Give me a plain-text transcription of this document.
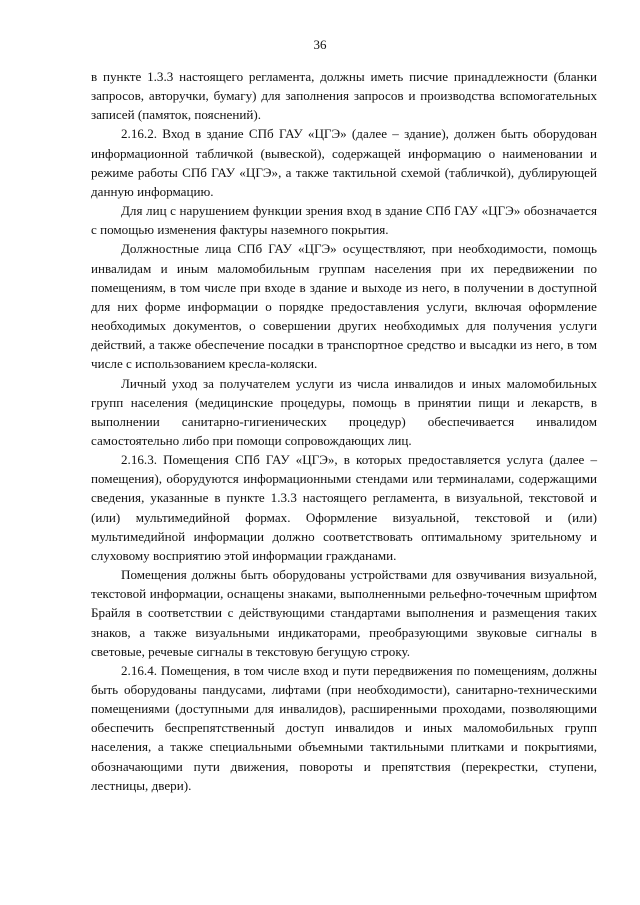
36

в пункте 1.3.3 настоящего регламента, должны иметь писчие принадлежности (бланки запросов, авторучки, бумагу) для заполнения запросов и производства вспомогательных записей (памяток, пояснений).

2.16.2. Вход в здание СПб ГАУ «ЦГЭ» (далее – здание), должен быть оборудован информационной табличкой (вывеской), содержащей информацию о наименовании и режиме работы СПб ГАУ «ЦГЭ», а также тактильной схемой (табличкой), дублирующей данную информацию.

Для лиц с нарушением функции зрения вход в здание СПб ГАУ «ЦГЭ» обозначается с помощью изменения фактуры наземного покрытия.

Должностные лица СПб ГАУ «ЦГЭ» осуществляют, при необходимости, помощь инвалидам и иным маломобильным группам населения при их передвижении по помещениям, в том числе при входе в здание и выходе из него, в получении в доступной для них форме информации о порядке предоставления услуги, включая оформление необходимых документов, о совершении других необходимых для получения услуги действий, а также обеспечение посадки в транспортное средство и высадки из него, в том числе с использованием кресла-коляски.

Личный уход за получателем услуги из числа инвалидов и иных маломобильных групп населения (медицинские процедуры, помощь в принятии пищи и лекарств, в выполнении санитарно-гигиенических процедур) обеспечивается инвалидом самостоятельно либо при помощи сопровождающих лиц.

2.16.3. Помещения СПб ГАУ «ЦГЭ», в которых предоставляется услуга (далее – помещения), оборудуются информационными стендами или терминалами, содержащими сведения, указанные в пункте 1.3.3 настоящего регламента, в визуальной, текстовой и (или) мультимедийной формах. Оформление визуальной, текстовой и (или) мультимедийной информации должно соответствовать оптимальному зрительному и слуховому восприятию этой информации гражданами.

Помещения должны быть оборудованы устройствами для озвучивания визуальной, текстовой информации, оснащены знаками, выполненными рельефно-точечным шрифтом Брайля в соответствии с действующими стандартами выполнения и размещения таких знаков, а также визуальными индикаторами, преобразующими звуковые сигналы в световые, речевые сигналы в текстовую бегущую строку.

2.16.4. Помещения, в том числе вход и пути передвижения по помещениям, должны быть оборудованы пандусами, лифтами (при необходимости), санитарно-техническими помещениями (доступными для инвалидов), расширенными проходами, позволяющими обеспечить беспрепятственный доступ инвалидов и иных маломобильных групп населения, а также специальными объемными тактильными плитками и покрытиями, обозначающими пути движения, повороты и препятствия (перекрестки, ступени, лестницы, двери).
